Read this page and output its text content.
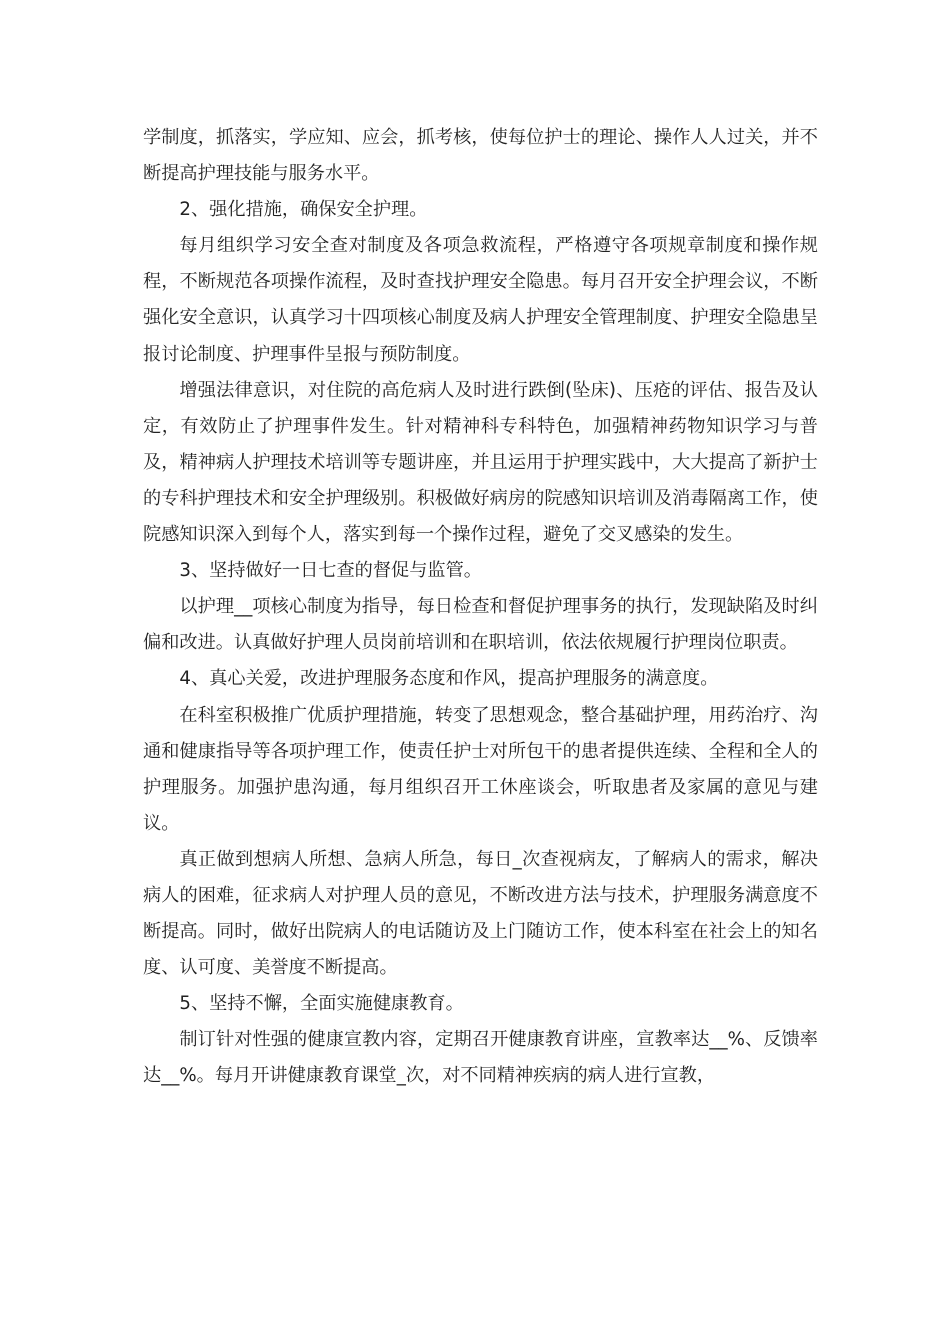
学制度，抓落实，学应知、应会，抓考核，使每位护士的理论、操作人人过关，并不断提高护理技能与服务水平。

2、强化措施，确保安全护理。

每月组织学习安全查对制度及各项急救流程，严格遵守各项规章制度和操作规程，不断规范各项操作流程，及时查找护理安全隐患。每月召开安全护理会议，不断强化安全意识，认真学习十四项核心制度及病人护理安全管理制度、护理安全隐患呈报讨论制度、护理事件呈报与预防制度。

增强法律意识，对住院的高危病人及时进行跌倒(坠床)、压疮的评估、报告及认定，有效防止了护理事件发生。针对精神科专科特色，加强精神药物知识学习与普及，精神病人护理技术培训等专题讲座，并且运用于护理实践中，大大提高了新护士的专科护理技术和安全护理级别。积极做好病房的院感知识培训及消毒隔离工作，使院感知识深入到每个人，落实到每一个操作过程，避免了交叉感染的发生。

3、坚持做好一日七查的督促与监管。

以护理__项核心制度为指导，每日检查和督促护理事务的执行，发现缺陷及时纠偏和改进。认真做好护理人员岗前培训和在职培训，依法依规履行护理岗位职责。

4、真心关爱，改进护理服务态度和作风，提高护理服务的满意度。

在科室积极推广优质护理措施，转变了思想观念，整合基础护理，用药治疗、沟通和健康指导等各项护理工作，使责任护士对所包干的患者提供连续、全程和全人的护理服务。加强护患沟通，每月组织召开工休座谈会，听取患者及家属的意见与建议。

真正做到想病人所想、急病人所急，每日_次查视病友，了解病人的需求，解决病人的困难，征求病人对护理人员的意见，不断改进方法与技术，护理服务满意度不断提高。同时，做好出院病人的电话随访及上门随访工作，使本科室在社会上的知名度、认可度、美誉度不断提高。

5、坚持不懈，全面实施健康教育。

制订针对性强的健康宣教内容，定期召开健康教育讲座，宣教率达__%、反馈率达__%。每月开讲健康教育课堂_次，对不同精神疾病的病人进行宣教，
